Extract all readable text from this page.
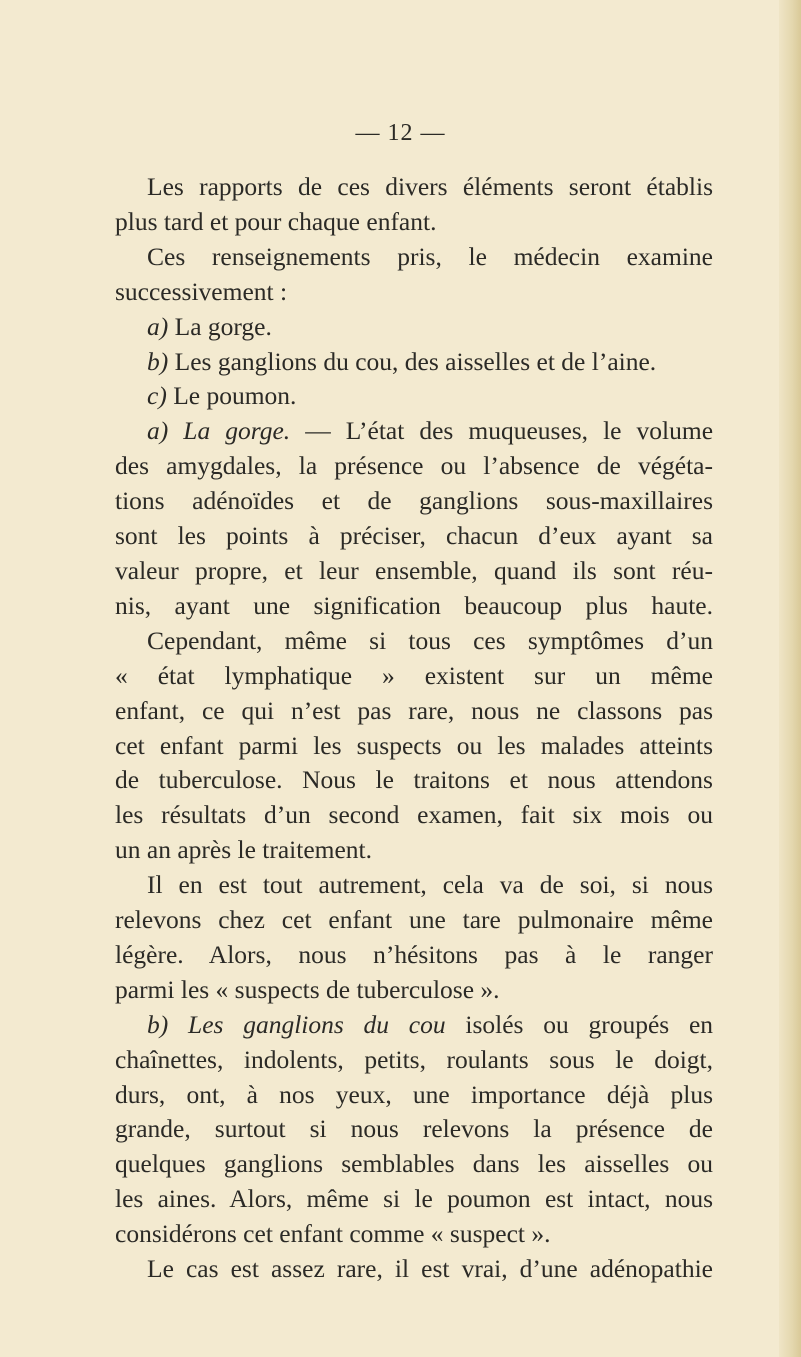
— 12 —
Les rapports de ces divers éléments seront établis
plus tard et pour chaque enfant.
Ces renseignements pris, le médecin examine
successivement :
a) La gorge.
b) Les ganglions du cou, des aisselles et de l’aine.
c) Le poumon.
a) La gorge. — L’état des muqueuses, le volume
des amygdales, la présence ou l’absence de végéta-
tions adénoïdes et de ganglions sous-maxillaires
sont les points à préciser, chacun d’eux ayant sa
valeur propre, et leur ensemble, quand ils sont réu-
nis, ayant une signification beaucoup plus haute.
Cependant, même si tous ces symptômes d’un
« état lymphatique » existent sur un même
enfant, ce qui n’est pas rare, nous ne classons pas
cet enfant parmi les suspects ou les malades atteints
de tuberculose. Nous le traitons et nous attendons
les résultats d’un second examen, fait six mois ou
un an après le traitement.
Il en est tout autrement, cela va de soi, si nous
relevons chez cet enfant une tare pulmonaire même
légère. Alors, nous n’hésitons pas à le ranger
parmi les « suspects de tuberculose ».
b) Les ganglions du cou isolés ou groupés en
chaînettes, indolents, petits, roulants sous le doigt,
durs, ont, à nos yeux, une importance déjà plus
grande, surtout si nous relevons la présence de
quelques ganglions semblables dans les aisselles ou
les aines. Alors, même si le poumon est intact, nous
considérons cet enfant comme « suspect ».
Le cas est assez rare, il est vrai, d’une adénopathie
